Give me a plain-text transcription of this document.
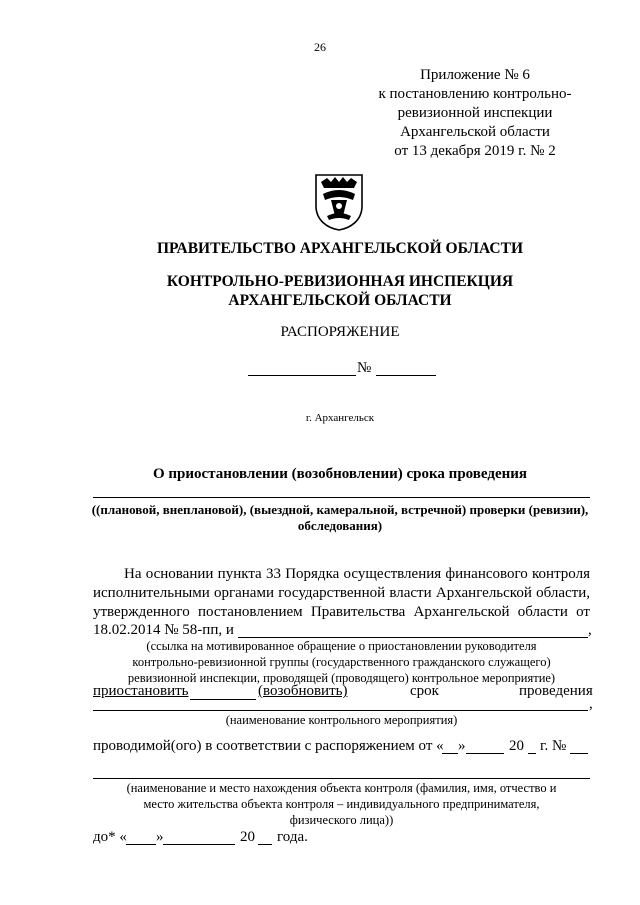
26
Приложение № 6
к постановлению контрольно-
ревизионной инспекции
Архангельской области
от 13 декабря 2019 г. № 2
ПРАВИТЕЛЬСТВО АРХАНГЕЛЬСКОЙ ОБЛАСТИ
КОНТРОЛЬНО-РЕВИЗИОННАЯ ИНСПЕКЦИЯ
АРХАНГЕЛЬСКОЙ ОБЛАСТИ
РАСПОРЯЖЕНИЕ
№
г. Архангельск
О приостановлении (возобновлении) срока проведения
((плановой, внеплановой), (выездной, камеральной, встречной) проверки (ревизии),
обследования)
На основании пункта 33 Порядка осуществления финансового контроля
исполнительными органами государственной власти Архангельской области,
утвержденного постановлением Правительства Архангельской области от
18.02.2014 № 58-пп, и	,
(ссылка на мотивированное обращение о приостановлении руководителя
контрольно-ревизионной группы (государственного гражданского служащего)
ревизионной инспекции, проводящей (проводящего) контрольное мероприятие)
приостановить	(возобновить)	срок	проведения
,
(наименование контрольного мероприятия)
проводимой(ого) в соответствии с распоряжением от « »	20 г. №
(наименование и место нахождения объекта контроля (фамилия, имя, отчество и
место жительства объекта контроля – индивидуального предпринимателя,
физического лица))
до* « »	20 года.
